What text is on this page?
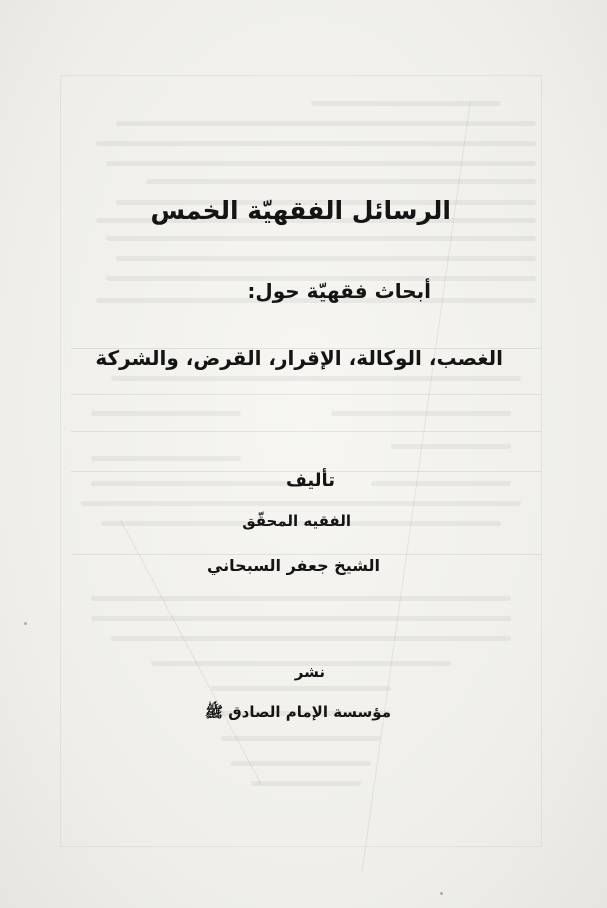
الرسائل الفقهيّة الخمس
أبحاث فقهيّة حول:
الغصب، الوكالة، الإقرار، القرض، والشركة
تأليف
الفقيه المحقّق
الشيخ جعفر السبحاني
نشر
مؤسسة الإمام الصادق ﷺ
